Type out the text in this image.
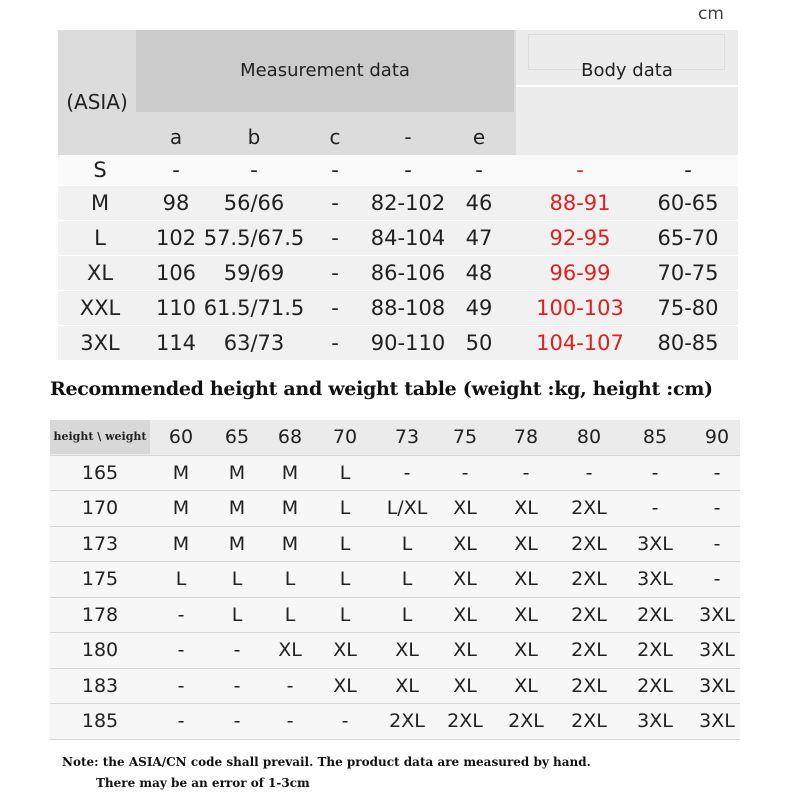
cm
Measurement data	Body data
(ASIA)
a	b	c	-	e
S	-	-	-	-	-	-	-
M	98 56/66 - 82-102 46	88-91 60-65
L 102 57.5/67.5 - 84-104 47	92-95 65-70
XL 106 59/69 - 86-106 48	96-99 70-75
XXL 110 61.5/71.5 - 88-108 49 100-103 75-80
3XL 114 63/73 - 90-110 50 104-107 80-85
Recommended height and weight table (weight :kg, height :cm)
height \ weight 60 65 68 70 73 75 78 80 85 90
165	M M M L	-	-	-	-	-	-
170	M M M L L/XL XL XL 2XL -	-
173	M M M L	L XL XL 2XL 3XL -
175	L L L L	L XL XL 2XL 3XL -
178	- L L L	L XL XL 2XL 2XL 3XL
180	-	- XL XL XL XL XL 2XL 2XL 3XL
183	-	- - XL XL XL XL 2XL 2XL 3XL
185	-	- -	- 2XL 2XL 2XL 2XL 3XL 3XL
Note: the ASIA/CN code shall prevail. The product data are measured by hand.
There may be an error of 1-3cm
